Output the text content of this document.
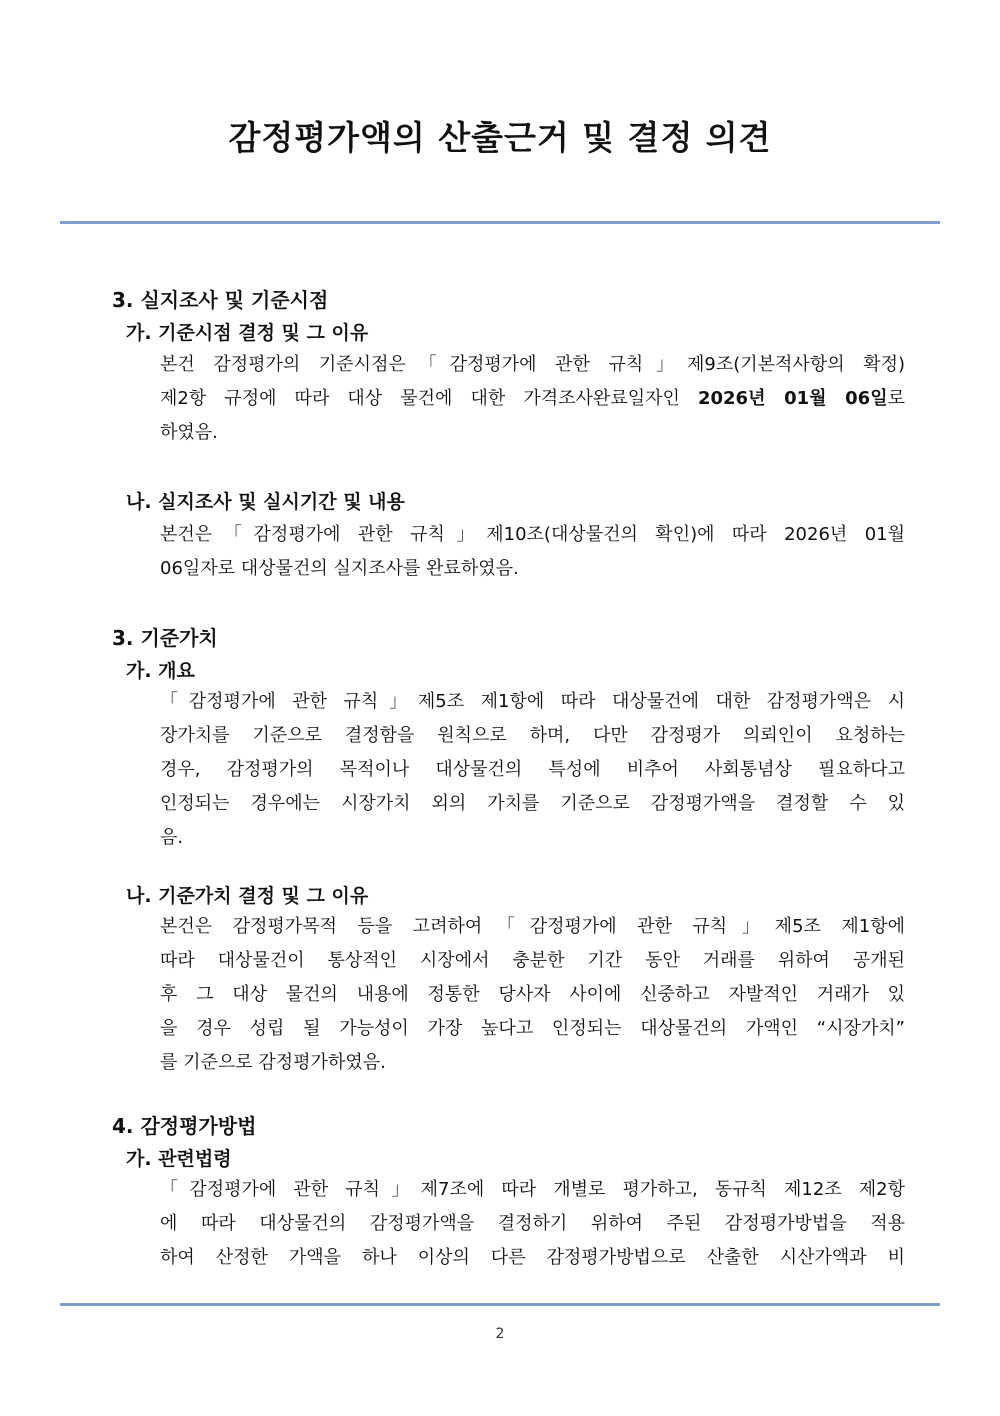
감정평가액의 산출근거 및 결정 의견
3. 실지조사 및 기준시점
가. 기준시점 결정 및 그 이유
본건 감정평가의 기준시점은「감정평가에 관한 규칙」제9조(기본적사항의 확정)
제2항 규정에 따라 대상 물건에 대한 가격조사완료일자인 2026년 01월 06일로
하였음.
나. 실지조사 및 실시기간 및 내용
본건은「감정평가에 관한 규칙」제10조(대상물건의 확인)에 따라 2026년 01월
06일자로 대상물건의 실지조사를 완료하였음.
3. 기준가치
가. 개요
「감정평가에 관한 규칙」제5조 제1항에 따라 대상물건에 대한 감정평가액은 시
장가치를 기준으로 결정함을 원칙으로 하며, 다만 감정평가 의뢰인이 요청하는
경우, 감정평가의 목적이나 대상물건의 특성에 비추어 사회통념상 필요하다고
인정되는 경우에는 시장가치 외의 가치를 기준으로 감정평가액을 결정할 수 있
음.
나. 기준가치 결정 및 그 이유
본건은 감정평가목적 등을 고려하여「감정평가에 관한 규칙」제5조 제1항에
따라 대상물건이 통상적인 시장에서 충분한 기간 동안 거래를 위하여 공개된
후 그 대상 물건의 내용에 정통한 당사자 사이에 신중하고 자발적인 거래가 있
을 경우 성립 될 가능성이 가장 높다고 인정되는 대상물건의 가액인 “시장가치”
를 기준으로 감정평가하였음.
4. 감정평가방법
가. 관련법령
「감정평가에 관한 규칙」제7조에 따라 개별로 평가하고, 동규칙 제12조 제2항
에 따라 대상물건의 감정평가액을 결정하기 위하여 주된 감정평가방법을 적용
하여 산정한 가액을 하나 이상의 다른 감정평가방법으로 산출한 시산가액과 비
2
